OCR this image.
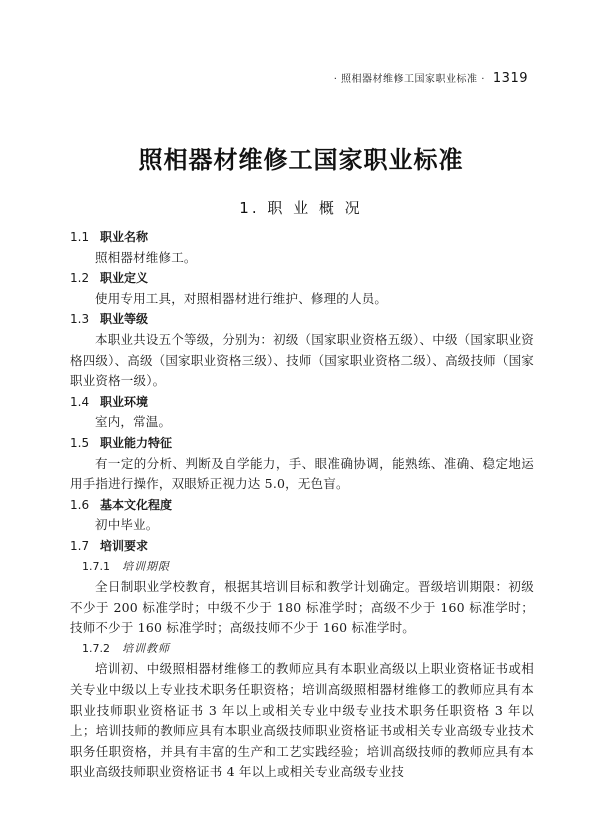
· 照相器材维修工国家职业标准 · 1319
照相器材维修工国家职业标准
1. 职 业 概 况
1.1 职业名称
照相器材维修工。
1.2 职业定义
使用专用工具，对照相器材进行维护、修理的人员。
1.3 职业等级
本职业共设五个等级，分别为：初级（国家职业资格五级）、中级（国家职业资格四级）、高级（国家职业资格三级）、技师（国家职业资格二级）、高级技师（国家职业资格一级）。
1.4 职业环境
室内，常温。
1.5 职业能力特征
有一定的分析、判断及自学能力，手、眼准确协调，能熟练、准确、稳定地运用手指进行操作，双眼矫正视力达 5.0，无色盲。
1.6 基本文化程度
初中毕业。
1.7 培训要求
1.7.1 培训期限
全日制职业学校教育，根据其培训目标和教学计划确定。晋级培训期限：初级不少于 200 标准学时；中级不少于 180 标准学时；高级不少于 160 标准学时；技师不少于 160 标准学时；高级技师不少于 160 标准学时。
1.7.2 培训教师
培训初、中级照相器材维修工的教师应具有本职业高级以上职业资格证书或相关专业中级以上专业技术职务任职资格；培训高级照相器材维修工的教师应具有本职业技师职业资格证书 3 年以上或相关专业中级专业技术职务任职资格 3 年以上；培训技师的教师应具有本职业高级技师职业资格证书或相关专业高级专业技术职务任职资格，并具有丰富的生产和工艺实践经验；培训高级技师的教师应具有本职业高级技师职业资格证书 4 年以上或相关专业高级专业技
